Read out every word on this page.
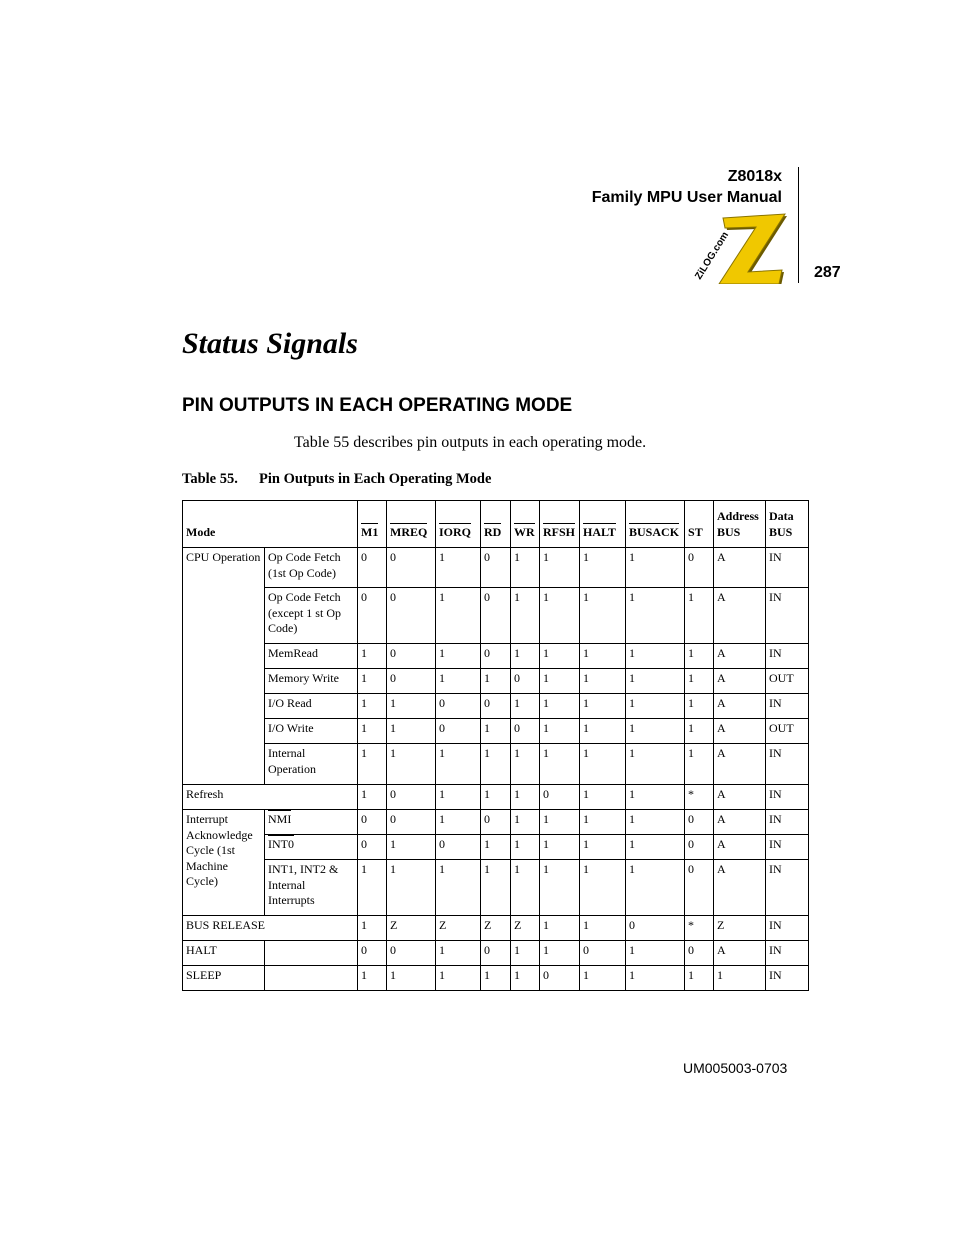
Z8018x
Family MPU User Manual
287
ZiLOG.com
Status Signals
PIN OUTPUTS IN EACH OPERATING MODE

Table 55 describes pin outputs in each operating mode.

Table 55. Pin Outputs in Each Operating Mode
Mode		M1	MREQ	IORQ	RD	WR	RFSH	HALT	BUSACK	ST	Address BUS	Data BUS
CPU Operation	Op Code Fetch (1st Op Code)	0	0	1	0	1	1	1	1	0	A	IN
	Op Code Fetch (except 1 st Op Code)	0	0	1	0	1	1	1	1	1	A	IN
	MemRead	1	0	1	0	1	1	1	1	1	A	IN
	Memory Write	1	0	1	1	0	1	1	1	1	A	OUT
	I/O Read	1	1	0	0	1	1	1	1	1	A	IN
	I/O Write	1	1	0	1	0	1	1	1	1	A	OUT
	Internal Operation	1	1	1	1	1	1	1	1	1	A	IN
Refresh		1	0	1	1	1	0	1	1	*	A	IN
Interrupt Acknowledge Cycle (1st Machine Cycle)	NMI	0	0	1	0	1	1	1	1	0	A	IN
	INT0	0	1	0	1	1	1	1	1	0	A	IN
	INT1, INT2 & Internal Interrupts	1	1	1	1	1	1	1	1	0	A	IN
BUS RELEASE		1	Z	Z	Z	Z	1	1	0	*	Z	IN
HALT		0	0	1	0	1	1	0	1	0	A	IN
SLEEP		1	1	1	1	1	0	1	1	1	1	IN
UM005003-0703
